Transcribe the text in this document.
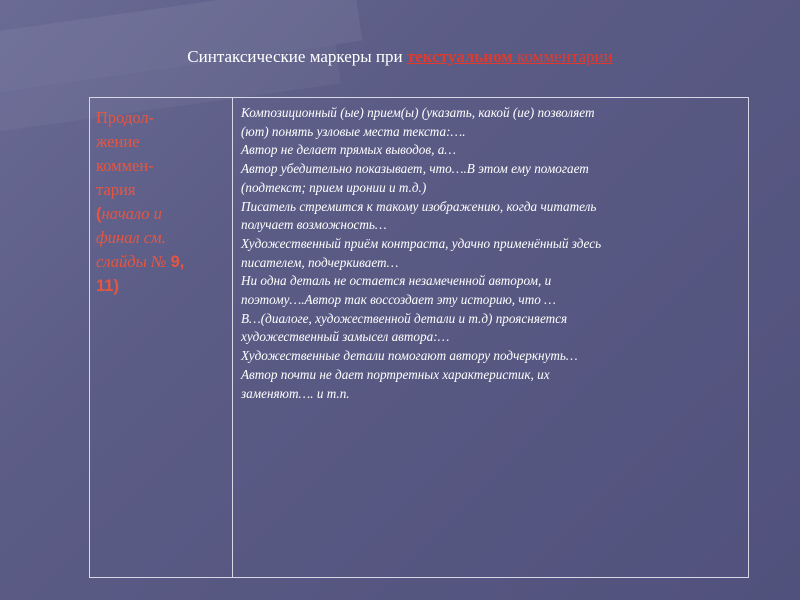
Синтаксические маркеры при текстуальном комментарии
Продол-
жение
коммен-
тария
(начало и
финал см.
слайды № 9,
11)
Композиционный (ые) прием(ы) (указать, какой (ие) позволяет
(ют) понять узловые места текста:….
Автор не делает прямых выводов, а…
Автор убедительно показывает, что….В этом ему помогает
(подтекст; прием иронии и т.д.)
Писатель стремится к такому изображению, когда читатель
получает возможность…
Художественный приём контраста, удачно применённый здесь
писателем, подчеркивает…
Ни одна деталь не остается незамеченной автором, и
поэтому….Автор так воссоздает эту историю, что …
В…(диалоге, художественной детали и т.д) проясняется
художественный замысел автора:…
Художественные детали помогают автору подчеркнуть…
Автор почти не дает портретных характеристик, их
заменяют…. и т.п.
